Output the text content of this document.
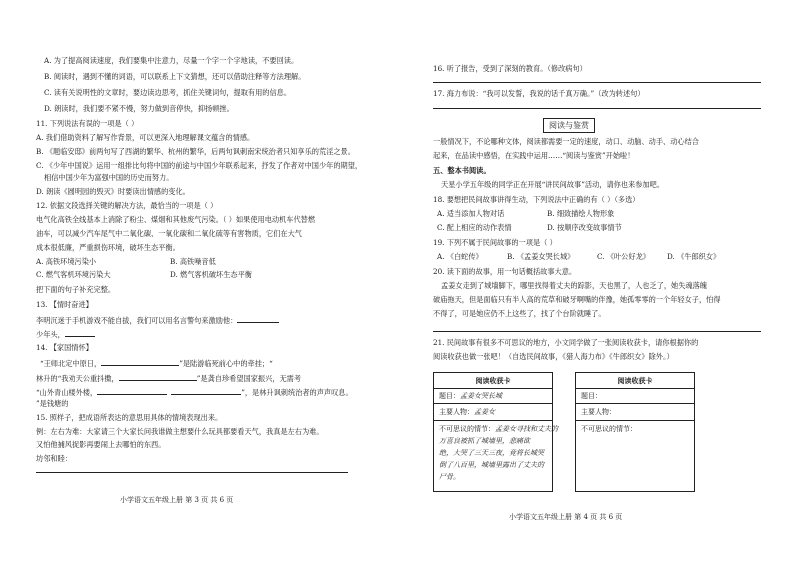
A. 为了提高阅读速度，我们要集中注意力，尽量一个字一个字地读，不要回读。
B. 阅读时，遇到不懂的词语，可以联系上下文猜想，还可以借助注释等方法理解。
C. 读有关说明性的文章时，要边读边思考，抓住关键词句，提取有用的信息。
D. 朗读时，我们要不紧不慢，努力做到音停快，抑扬顿挫。
11. 下列说法有误的一项是（ ）
A. 我们借助资料了解写作背景，可以更深入地理解课文蕴含的情感。
B. 《题临安邸》前两句写了西湖的繁华、杭州的繁华，后两句讽刺南宋统治者只知享乐的荒淫之景。
C. 《少年中国说》运用一组排比句将中国的前途与中国少年联系起来，抒发了作者对中国少年的期望，
相信中国少年为富强中国的历史而努力。
D. 朗读《圆明园的毁灭》时要读出情感的变化。
12. 依据文段选择关键的解决方法，最恰当的一项是（ ）
电气化高铁全线基本上消除了粉尘、煤烟和其他废气污染。（ ）如果使用电动机车代替燃
油车，可以减少汽车尾气中二氧化碳、一氧化碳和二氧化硫等有害物质，它们在大气
成本很低廉，严重损伤环境，破坏生态平衡。
A. 高铁环境污染小	B. 高铁噪音低
C. 燃气客机环境污染大	D. 燃气客机破坏生态平衡
把下面的句子补充完整。
13. 【情时奋进】
李明沉迷于手机游戏不能自拔，我们可以用名言警句来激励他：
少年头，
14. 【家国情怀】
“王师北定中原日，	”是陆游临死前心中的牵挂；“
林升的“我劝天公重抖擞，	”是龚自珍希望国家振兴，无需考
“山外青山楼外楼，	”，是林升讽刺统治者的声声叹息。
”是钱塘的
15. 照样子，把成语所表达的意思用具体的情境表现出来。
例：左右为难：大家请三个大家长问我谁做主想要什么玩具都要看天气，我真是左右为难。
又怕他捕风捉影再要闹上去哪怕的东西。
坊邻和睦：
小学语文五年级上册 第 3 页 共 6 页
16. 听了报告，受到了深刻的教育。（修改病句）
17. 海力布说：“我可以发誓，我说的话千真万确。”（改为转述句）
阅读与鉴赏
一般情况下，不论哪种文体，阅读都需要一定的速度，动口、动脑、动手、动心结合
起来，在品读中感悟，在实践中运用……“阅读与鉴赏”开始啦！
五、整本书阅读。
天星小学五年级的同学正在开展“讲民间故事”活动，请你也来参加吧。
18. 要想把民间故事讲得生动，下列说法中正确的有（ ）（多选）
A. 适当添加人物对话	B. 细致描绘人物形象
C. 配上相应的动作表情	D. 按顺序改变故事情节
19. 下列不属于民间故事的一项是（ ）
A. 《白蛇传》	B. 《孟姜女哭长城》	C. 《叶公好龙》 D. 《牛郎织女》
20. 读下面的故事，用一句话概括故事大意。
孟姜女走到了城墙脚下，哪里找得着丈夫的踪影，天也黑了，人也乏了，她失魂落魄
破庙拖天，但是面临只有半人高的荒草和破牙啊嘴的伴豫，她孤零零的一个年轻女子，怕得
不得了，可是她应仍不上这些了，找了个台阶就睡了。
21. 民间故事有很多不可思议的地方，小文同学做了一张阅读收获卡，请你根据你的
阅读收获也做一张吧！（自选民间故事，《猎人海力布》《牛郎织女》除外。）
阅读收获卡
题目：孟姜女哭长城
主要人物：孟姜女
不可思议的情节：孟姜女寻找和丈夫的
万喜良被抓了城墙里，悲痛欲
绝，大哭了三天三夜，竟将长城哭
倒了八百里，城墙里露出了丈夫的
尸骨。
阅读收获卡
题目：
主要人物：
不可思议的情节：
小学语文五年级上册 第 4 页 共 6 页
